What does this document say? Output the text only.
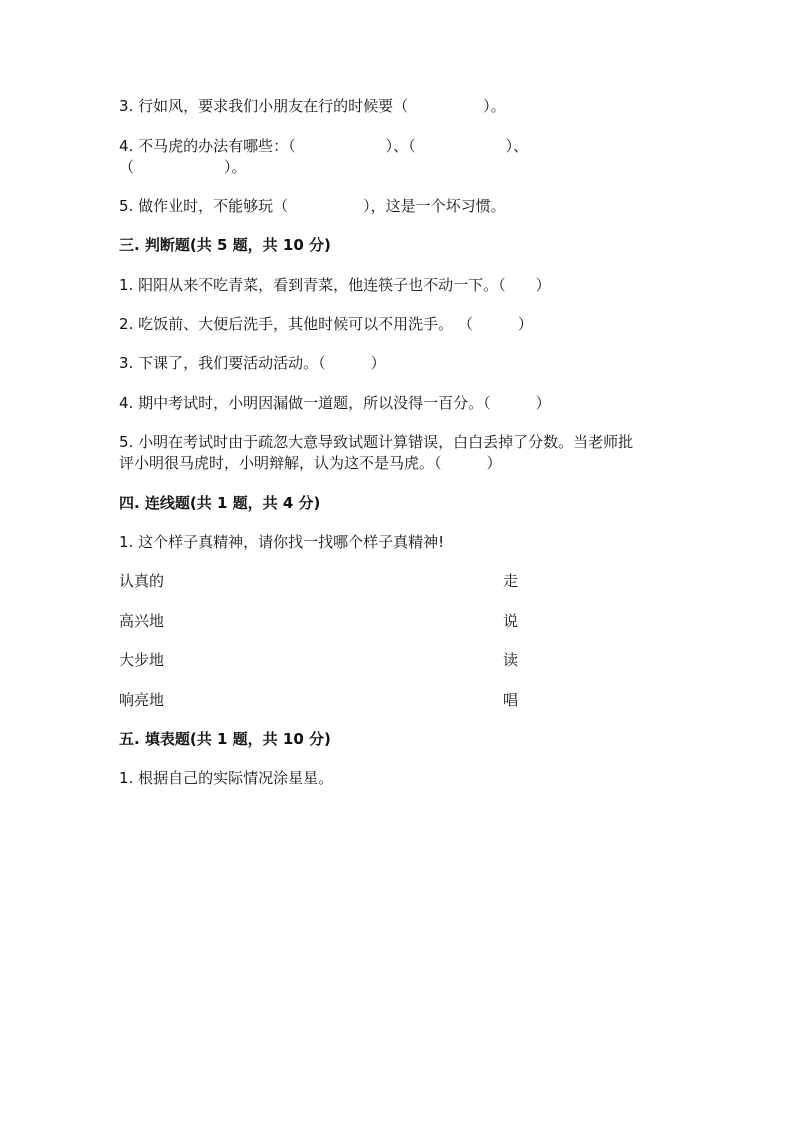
3. 行如风，要求我们小朋友在行的时候要（　　　　　）。
4. 不马虎的办法有哪些：（　　　　　　）、（　　　　　　）、
（　　　　　　）。
5. 做作业时，不能够玩（　　　　　），这是一个坏习惯。
三. 判断题(共 5 题，共 10 分)
1. 阳阳从来不吃青菜，看到青菜，他连筷子也不动一下。（　　）
2. 吃饭前、大便后洗手，其他时候可以不用洗手。 （　　　）
3. 下课了，我们要活动活动。（　　　）
4. 期中考试时，小明因漏做一道题，所以没得一百分。（　　　）
5. 小明在考试时由于疏忽大意导致试题计算错误，白白丢掉了分数。当老师批
评小明很马虎时，小明辩解，认为这不是马虎。（　　　）
四. 连线题(共 1 题，共 4 分)
1. 这个样子真精神，请你找一找哪个样子真精神!
认真的	走
高兴地	说
大步地	读
响亮地	唱
五. 填表题(共 1 题，共 10 分)
1. 根据自己的实际情况涂星星。
